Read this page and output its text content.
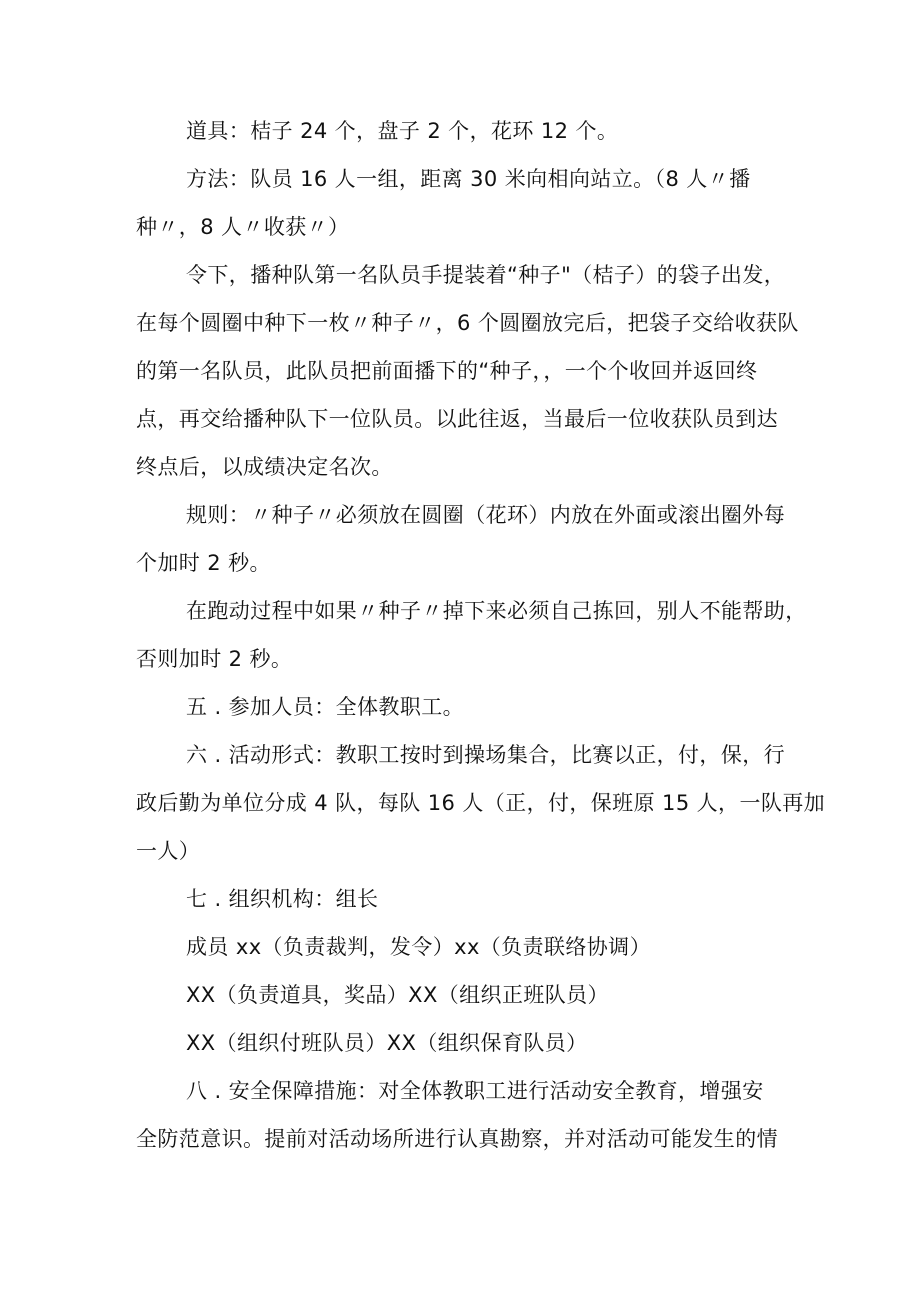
道具：桔子 24 个，盘子 2 个，花环 12 个。

方法：队员 16 人一组，距离 30 米向相向站立。（8 人〃播
种〃，8 人〃收获〃）

令下，播种队第一名队员手提装着“种子"（桔子）的袋子出发，
在每个圆圈中种下一枚〃种子〃，6 个圆圈放完后，把袋子交给收获队
的第一名队员，此队员把前面播下的“种子，，一个个收回并返回终
点，再交给播种队下一位队员。以此往返，当最后一位收获队员到达
终点后，以成绩决定名次。

规则：〃种子〃必须放在圆圈（花环）内放在外面或滚出圈外每
个加时 2 秒。

在跑动过程中如果〃种子〃掉下来必须自己拣回，别人不能帮助，
否则加时 2 秒。

五 . 参加人员：全体教职工。

六 . 活动形式：教职工按时到操场集合，比赛以正，付，保，行
政后勤为单位分成 4 队，每队 16 人（正，付，保班原 15 人，一队再加
一人）

七 . 组织机构：组长

成员 xx（负责裁判，发令）xx（负责联络协调）

XX（负责道具，奖品）XX（组织正班队员）

XX（组织付班队员）XX（组织保育队员）

八 . 安全保障措施：对全体教职工进行活动安全教育，增强安
全防范意识。提前对活动场所进行认真勘察，并对活动可能发生的情
